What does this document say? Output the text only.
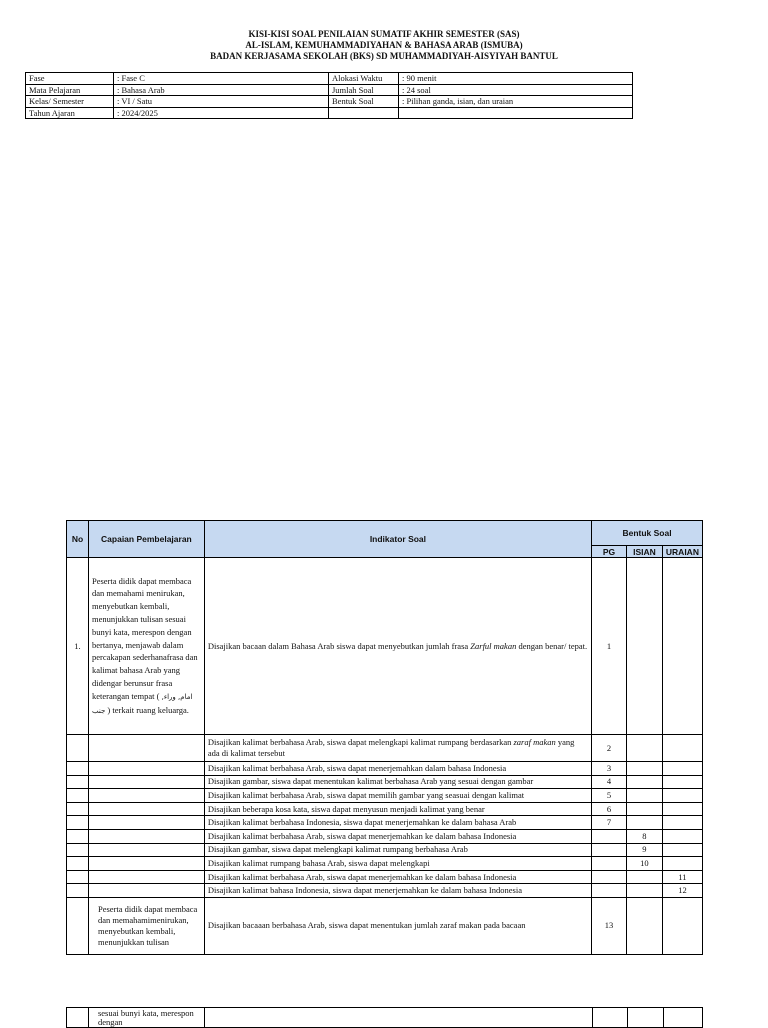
KISI-KISI SOAL PENILAIAN SUMATIF AKHIR SEMESTER (SAS)
AL-ISLAM, KEMUHAMMADIYAHAN & BAHASA ARAB (ISMUBA)
BADAN KERJASAMA SEKOLAH (BKS) SD MUHAMMADIYAH-AISYIYAH BANTUL
Fase	: Fase C	Alokasi Waktu	: 90 menit
Mata Pelajaran	: Bahasa Arab	Jumlah Soal	: 24 soal
Kelas/ Semester	: VI / Satu	Bentuk Soal	: Pilihan ganda, isian, dan uraian
Tahun Ajaran	: 2024/2025		
No	Capaian Pembelajaran	Indikator Soal	Bentuk Soal		
			PG	ISIAN	URAIAN
1.	Peserta didik dapat membaca dan memahami menirukan, menyebutkan kembali, menunjukkan tulisan sesuai bunyi kata, merespon dengan bertanya, menjawab dalam percakapan sederhanafrasa dan kalimat bahasa Arab yang didengar berunsur frasa keterangan tempat ( امام, وراء, جنب ) terkait ruang keluarga.	Disajikan bacaan dalam Bahasa Arab siswa dapat menyebutkan jumlah frasa Zarful makan dengan benar/ tepat.	1		
		Disajikan kalimat berbahasa Arab, siswa dapat melengkapi kalimat rumpang berdasarkan zaraf makan yang ada di kalimat tersebut	2		
		Disajikan kalimat berbahasa Arab, siswa dapat menerjemahkan dalam bahasa Indonesia	3		
		Disajikan gambar, siswa dapat menentukan kalimat berbahasa Arab yang sesuai dengan gambar	4		
		Disajikan kalimat berbahasa Arab, siswa dapat memilih gambar yang seasuai dengan kalimat	5		
		Disajikan beberapa kosa kata, siswa dapat menyusun menjadi kalimat yang benar	6		
		Disajikan kalimat berbahasa Indonesia, siswa dapat menerjemahkan ke dalam bahasa Arab	7		
		Disajikan kalimat berbahasa Arab, siswa dapat menerjemahkan ke dalam bahasa Indonesia		8	
		Disajikan gambar, siswa dapat melengkapi kalimat rumpang berbahasa Arab		9	
		Disajikan kalimat rumpang bahasa Arab, siswa dapat melengkapi		10	
		Disajikan kalimat berbahasa Arab, siswa dapat menerjemahkan ke dalam bahasa Indonesia			11
		Disajikan kalimat bahasa Indonesia, siswa dapat menerjemahkan ke dalam bahasa Indonesia			12
	Peserta didik dapat membaca dan memahamimenirukan, menyebutkan kembali, menunjukkan tulisan	Disajikan bacaaan berbahasa Arab, siswa dapat menentukan jumlah zaraf makan pada bacaan	13		
	sesuai bunyi kata, merespon dengan				
